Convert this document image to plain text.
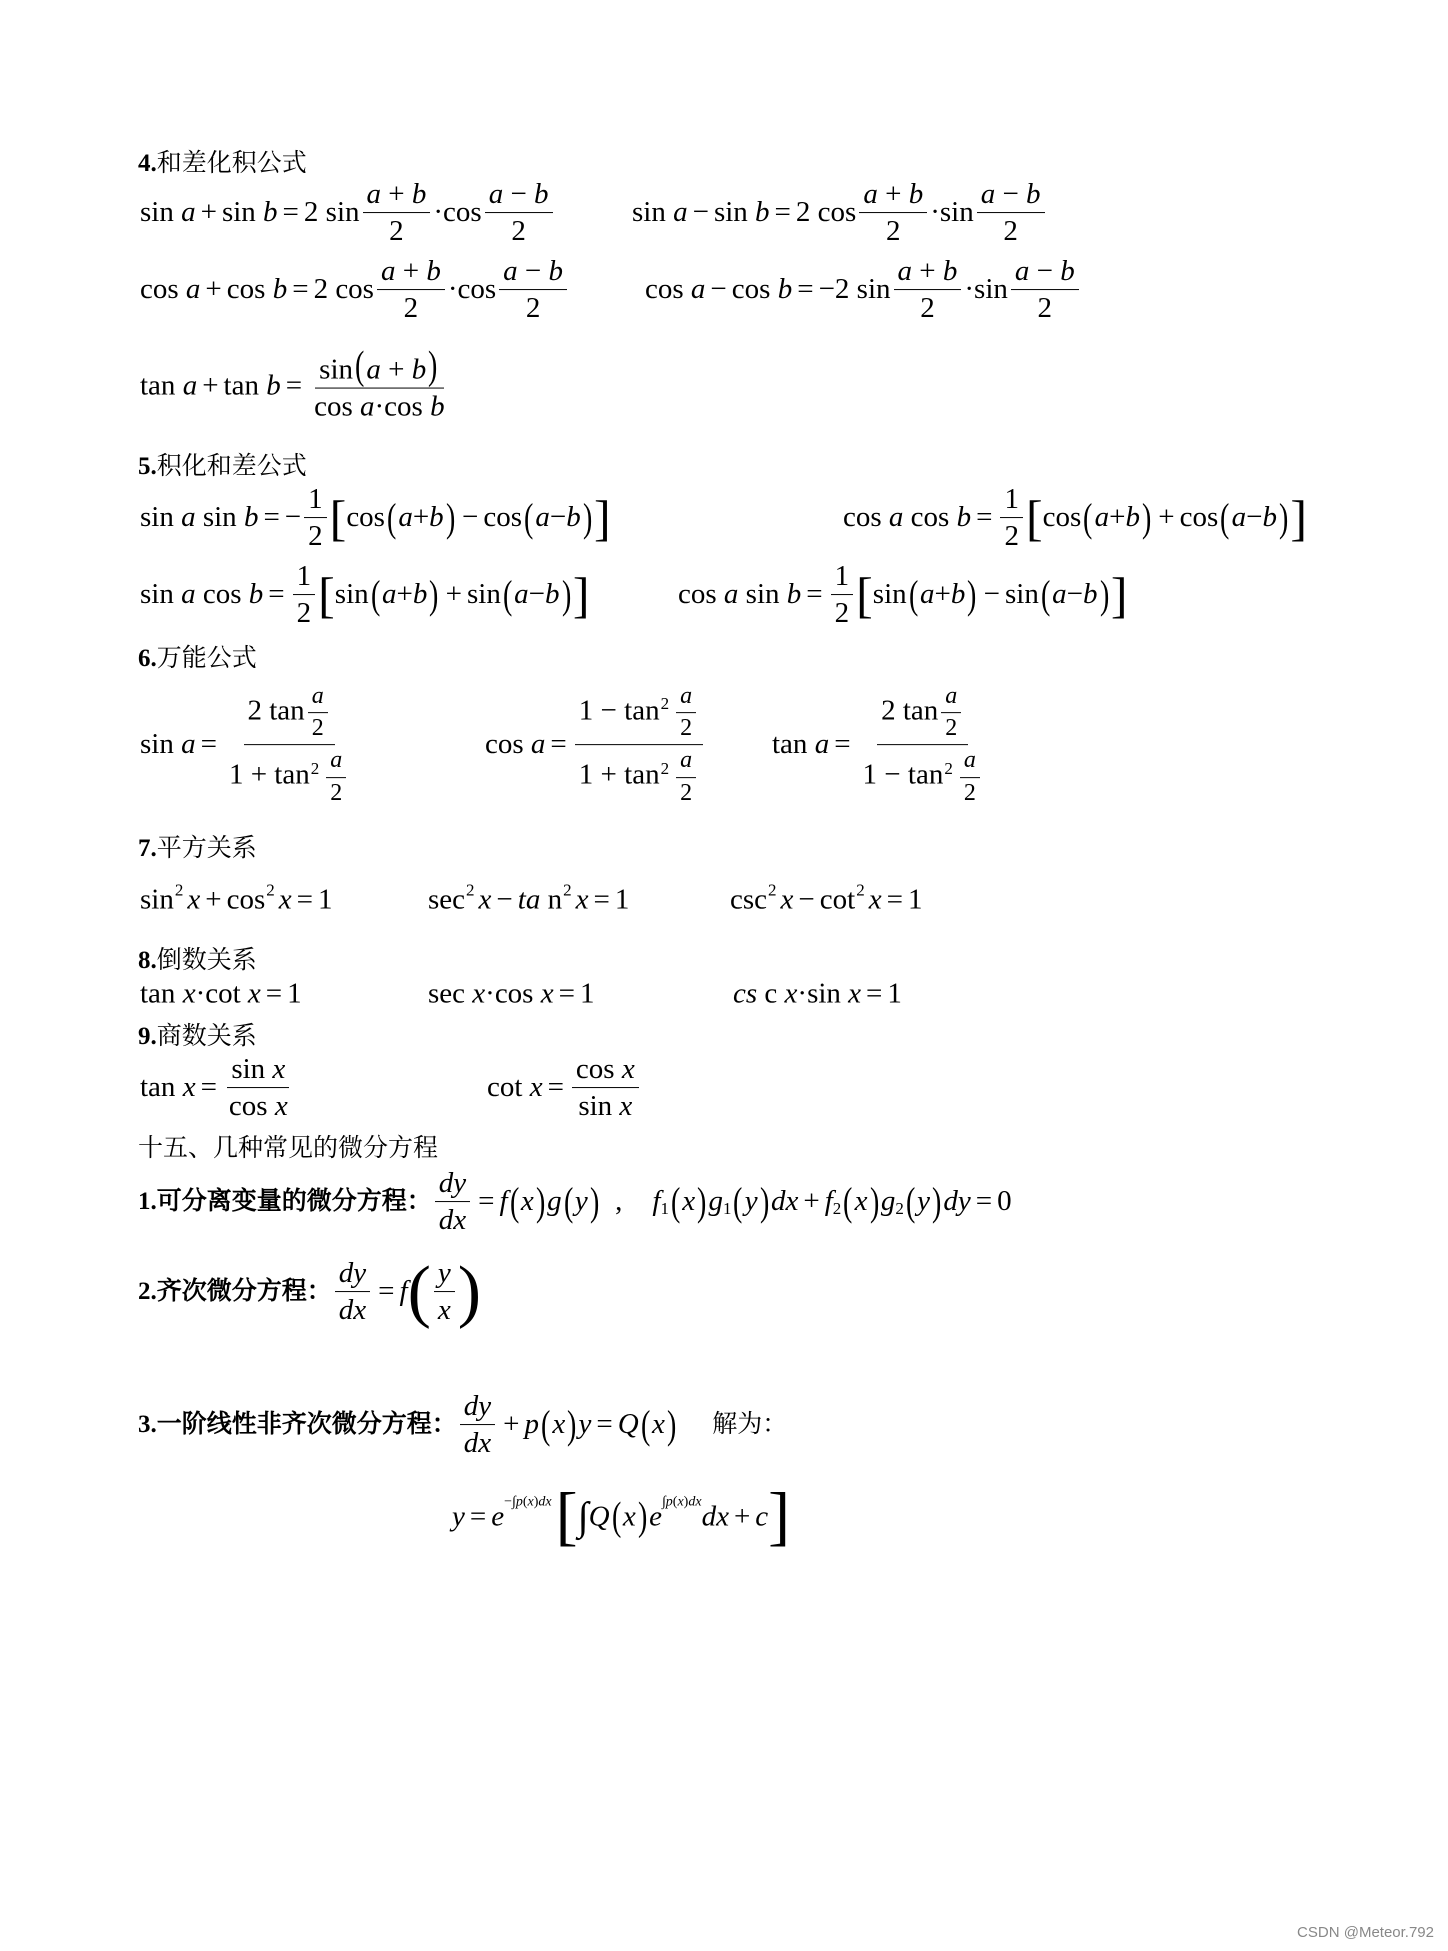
4.和差化积公式
sin
a + sin
b = 2 sin
a + b
2
·cos
a − b
2
sin
a − sin
b = 2 cos
a + b
2
·sin
a − b
2
cos
a + cos
b = 2 cos
a + b
2
·cos
a − b
2
cos
a − cos
b = −2 sin
a + b
2
·sin
a − b
2
tan
a + tan
$b = \frac{\sin(a + b)}{\text{cos a·cos b}}$
5.积化和差公式
sin
a
sin
b = − $\frac{1}{2}$ [ cos ( a + b ) − cos ( a − b ) ]	cos
a
cos
$b = \frac{1}{2}$ [ cos ( a + b ) + cos ( a − b ) ]
sin
a
cos
$b = \frac{1}{2}$ [ sin ( a + b ) + sin ( a − b ) ]	cos
a
sin
$b = \frac{1}{2}$ [ sin ( a + b ) − sin ( a − b ) ]
6.万能公式
sin
$a = \frac{2 \tan \frac{a}{2}}{1 + \tan^2 \frac{a}{2}}$	cos
$a = \frac{1 - \tan^2 \frac{a}{2}}{1 + \tan^2 \frac{a}{2}}$ tan
$a = \frac{2 \tan \frac{a}{2}}{1 - \tan^2 \frac{a}{2}}$
7.平方关系
sin 2 x + cos 2 x = 1	sec 2 x − ta
n 2 x = 1	csc 2 x − cot 2 x = 1
8.倒数关系
tan
x ·cot
x = 1	sec
x ·cos
x = 1	cs
c
x ·sin
x = 1
9.商数关系
tan
$x = \frac{\text{sin x}}{\text{cos x}}$	cot
$x = \frac{\text{cos x}}{\text{sin x}}$
十五、几种常见的微分方程
1.可分离变量的微分方程： $\frac{dy}{dx} = f$ ( x ) g ( y ) , f 1 ( x ) g 1 ( y ) dx + f 2 ( x ) g 2 ( y ) dy = 0
2.齐次微分方程： $\frac{dy}{dx} = f$ ( y
x )
3.一阶线性非齐次微分方程：
dy
dx
+ p ( x ) y = Q ( x ) 解为：
y = e −∫p(x)dx [ ∫ Q ( x ) e ∫p(x)dx dx + c ]
CSDN @Meteor.792
